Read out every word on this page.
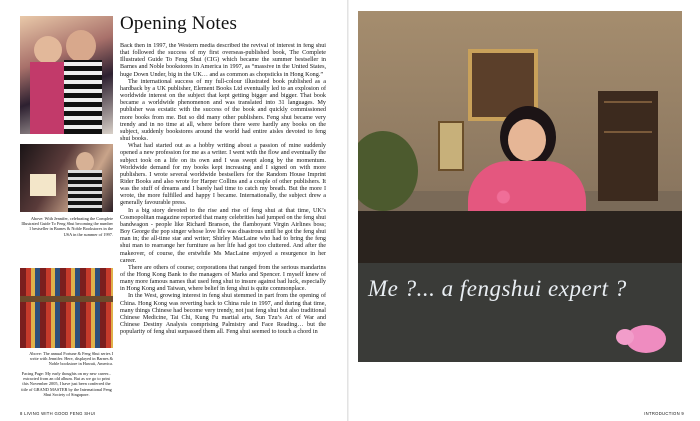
Above: With Jennifer, celebrating the Complete Illustrated Guide To Feng Shui becoming the number 1 bestseller in Barnes & Noble Bookstores in the USA in the summer of 1997.
Above: The annual Fortune & Feng Shui series I write with Jennifer. Here, displayed in Barnes & Noble bookstore in Hawaii, America.
Facing Page: My early thoughts on my new career... extracted from an old album. But as we go to print this November 2005, I have just been conferred the title of GRAND MASTER by the International Feng Shui Society of Singapore.
Opening Notes

Back then in 1997, the Western media described the revival of interest in feng shui that followed the success of my first overseas-published book, The Complete Illustrated Guide To Feng Shui (CIG) which became the summer bestseller in Barnes and Noble bookstores in America in 1997, as “massive in the United States, huge Down Under, big in the UK… and as common as chopsticks in Hong Kong.”

The international success of my full-colour illustrated book published as a hardback by a UK publisher, Element Books Ltd eventually led to an explosion of worldwide interest on the subject that kept getting bigger and bigger. That book became a worldwide phenomenon and was translated into 31 languages. My publisher was ecstatic with the success of the book and quickly commissioned more books from me. But so did many other publishers. Feng shui became very trendy and in no time at all, where before there were hardly any books on the subject, suddenly bookstores around the world had entire aisles devoted to feng shui books.

What had started out as a hobby writing about a passion of mine suddenly opened a new profession for me as a writer. I went with the flow and eventually the subject took on a life on its own and I was swept along by the momentum. Worldwide demand for my books kept increasing and I signed on with more publishers. I wrote several worldwide bestsellers for the Random House Imprint Rider Books and also wrote for Harper Collins and a couple of other publishers. It was the stuff of dreams and I barely had time to catch my breath. But the more I wrote, the more fulfilled and happy I became. Internationally, the subject drew a generally favourable press.

In a big story devoted to the rise and rise of feng shui at that time, UK’s Cosmopolitan magazine reported that many celebrities had jumped on the feng shui bandwagon - people like Richard Branson, the flamboyant Virgin Airlines boss; Boy George the pop singer whose love life was disastrous until he got the feng shui man in; the all-time star and writer; Shirley MacLaine who had to bring the feng shui man to rearrange her furniture as her life had got too cluttered. And after the makeover, of course, the erstwhile Ms MacLaine enjoyed a resurgence in her career.

There are others of course; corporations that ranged from the serious mandarins of the Hong Kong Bank to the managers of Marks and Spencer. I myself knew of many more famous names that used feng shui to insure against bad luck, especially in Hong Kong and Taiwan, where belief in feng shui is quite commonplace.

In the West, growing interest in feng shui stemmed in part from the opening of China. Hong Kong was reverting back to China rule in 1997, and during that time, many things Chinese had become very trendy, not just feng shui but also traditional Chinese Medicine, Tai Chi, Kung Fu martial arts, Sun Tzu’s Art of War and Chinese Destiny Analysis comprising Palmistry and Face Reading… but the popularity of feng shui surpassed them all. Feng shui seemed to touch a chord in

8 LIVING WITH GOOD FENG SHUI
Me ?... a fengshui expert ?
INTRODUCTION 9
